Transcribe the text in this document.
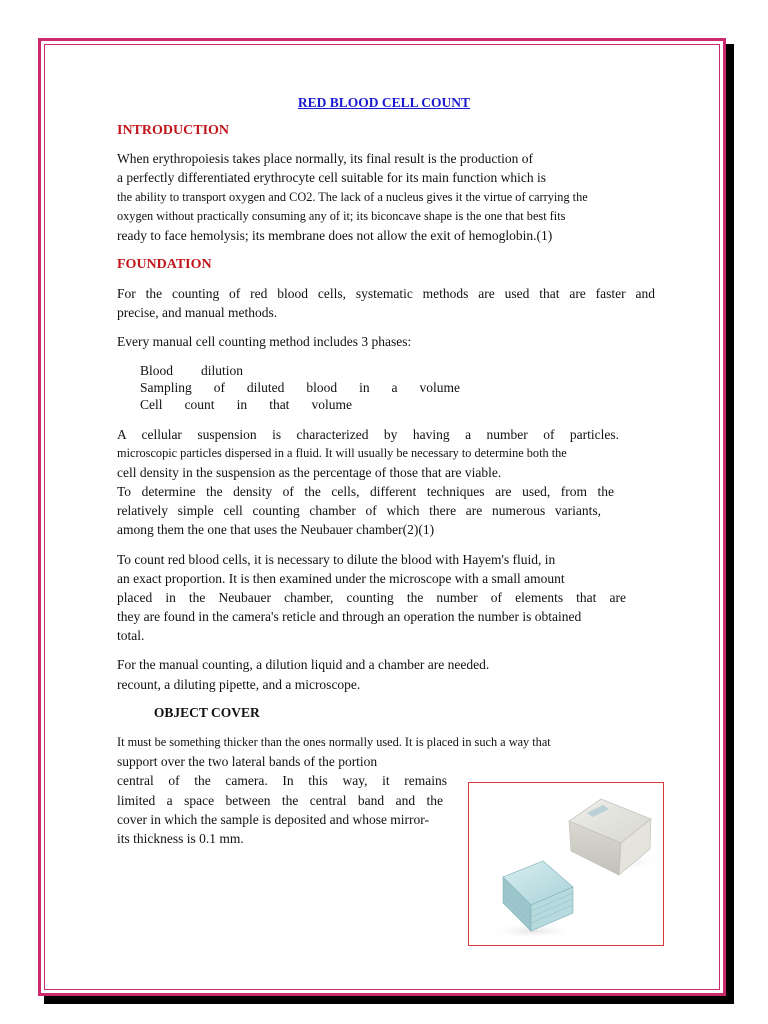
RED BLOOD CELL COUNT

INTRODUCTION

When erythropoiesis takes place normally, its final result is the production of

a perfectly differentiated erythrocyte cell suitable for its main function which is

the ability to transport oxygen and CO2. The lack of a nucleus gives it the virtue of carrying the

oxygen without practically consuming any of it; its biconcave shape is the one that best fits

ready to face hemolysis; its membrane does not allow the exit of hemoglobin.(1)

FOUNDATION

For the counting of red blood cells, systematic methods are used that are faster and

precise, and manual methods.

Every manual cell counting method includes 3 phases:

Blood dilution

Sampling of diluted blood in a volume

Cell count in that volume

A cellular suspension is characterized by having a number of particles.

microscopic particles dispersed in a fluid. It will usually be necessary to determine both the

cell density in the suspension as the percentage of those that are viable.

To determine the density of the cells, different techniques are used, from the

relatively simple cell counting chamber of which there are numerous variants,

among them the one that uses the Neubauer chamber(2)(1)

To count red blood cells, it is necessary to dilute the blood with Hayem's fluid, in

an exact proportion. It is then examined under the microscope with a small amount

placed in the Neubauer chamber, counting the number of elements that are

they are found in the camera's reticle and through an operation the number is obtained

total.

For the manual counting, a dilution liquid and a chamber are needed.

recount, a diluting pipette, and a microscope.

OBJECT COVER

It must be something thicker than the ones normally used. It is placed in such a way that

support over the two lateral bands of the portion

central of the camera. In this way, it remains

limited a space between the central band and the

cover in which the sample is deposited and whose mirror-

its thickness is 0.1 mm.
